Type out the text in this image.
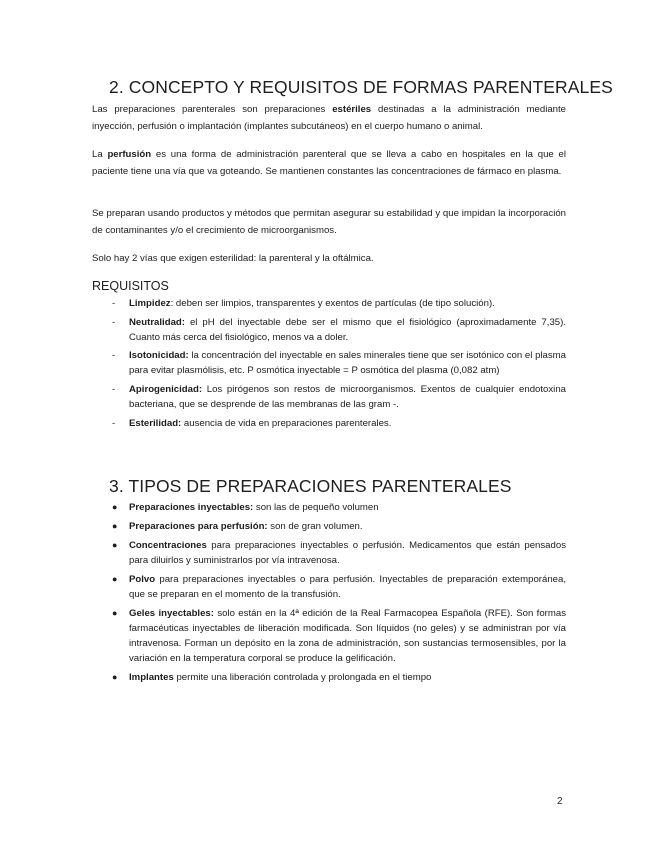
2. CONCEPTO Y REQUISITOS DE FORMAS PARENTERALES

Las preparaciones parenterales son preparaciones estériles destinadas a la administración mediante inyección, perfusión o implantación (implantes subcutáneos) en el cuerpo humano o animal.

La perfusión es una forma de administración parenteral que se lleva a cabo en hospitales en la que el paciente tiene una vía que va goteando. Se mantienen constantes las concentraciones de fármaco en plasma.

Se preparan usando productos y métodos que permitan asegurar su estabilidad y que impidan la incorporación de contaminantes y/o el crecimiento de microorganismos.

Solo hay 2 vías que exigen esterilidad: la parenteral y la oftálmica.

REQUISITOS
- Limpidez: deben ser limpios, transparentes y exentos de partículas (de tipo solución).
- Neutralidad: el pH del inyectable debe ser el mismo que el fisiológico (aproximadamente 7,35). Cuanto más cerca del fisiológico, menos va a doler.
- Isotonicidad: la concentración del inyectable en sales minerales tiene que ser isotónico con el plasma para evitar plasmólisis, etc. P osmótica inyectable = P osmótica del plasma (0,082 atm)
- Apirogenicidad: Los pirógenos son restos de microorganismos. Exentos de cualquier endotoxina bacteriana, que se desprende de las membranas de las gram -.
- Esterilidad: ausencia de vida en preparaciones parenterales.
3. TIPOS DE PREPARACIONES PARENTERALES
● Preparaciones inyectables: son las de pequeño volumen
● Preparaciones para perfusión: son de gran volumen.
● Concentraciones para preparaciones inyectables o perfusión. Medicamentos que están pensados para diluirlos y suministrarlos por vía intravenosa.
● Polvo para preparaciones inyectables o para perfusión. Inyectables de preparación extemporánea, que se preparan en el momento de la transfusión.
● Geles inyectables: solo están en la 4ª edición de la Real Farmacopea Española (RFE). Son formas farmacéuticas inyectables de liberación modificada. Son líquidos (no geles) y se administran por vía intravenosa. Forman un depósito en la zona de administración, son sustancias termosensibles, por la variación en la temperatura corporal se produce la gelificación.
● Implantes permite una liberación controlada y prolongada en el tiempo
2
